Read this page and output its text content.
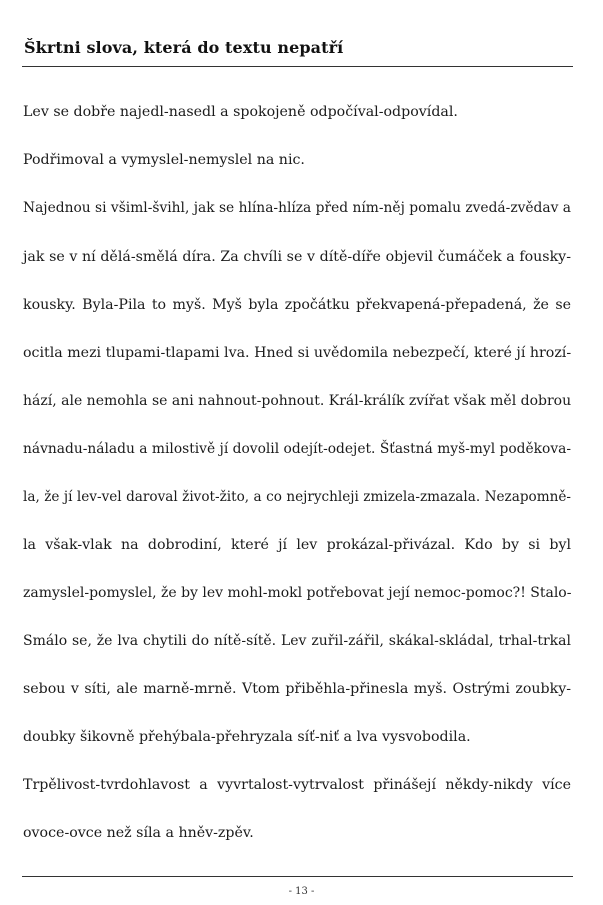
Škrtni slova, která do textu nepatří
Lev se dobře najedl-nasedl a spokojeně odpočíval-odpovídal.
Podřimoval a vymyslel-nemyslel na nic.
Najednou si všiml-švihl, jak se hlína-hlíza před ním-něj pomalu zvedá-zvědav a
jak se v ní dělá-smělá díra. Za chvíli se v dítě-díře objevil čumáček a fousky-
kousky. Byla-Pila to myš. Myš byla zpočátku překvapená-přepadená, že se
ocitla mezi tlupami-tlapami lva. Hned si uvědomila nebezpečí, které jí hrozí-
hází, ale nemohla se ani nahnout-pohnout. Král-králík zvířat však měl dobrou
návnadu-náladu a milostivě jí dovolil odejít-odejet. Šťastná myš-myl poděkova-
la, že jí lev-vel daroval život-žito, a co nejrychleji zmizela-zmazala. Nezapomně-
la však-vlak na dobrodiní, které jí lev prokázal-přivázal. Kdo by si byl
zamyslel-pomyslel, že by lev mohl-mokl potřebovat její nemoc-pomoc?! Stalo-
Smálo se, že lva chytili do nítě-sítě. Lev zuřil-zářil, skákal-skládal, trhal-trkal
sebou v síti, ale marně-mrně. Vtom přiběhla-přinesla myš. Ostrými zoubky-
doubky šikovně přehýbala-přehryzala síť-niť a lva vysvobodila.
Trpělivost-tvrdohlavost a vyvrtalost-vytrvalost přinášejí někdy-nikdy více
ovoce-ovce než síla a hněv-zpěv.
- 13 -
